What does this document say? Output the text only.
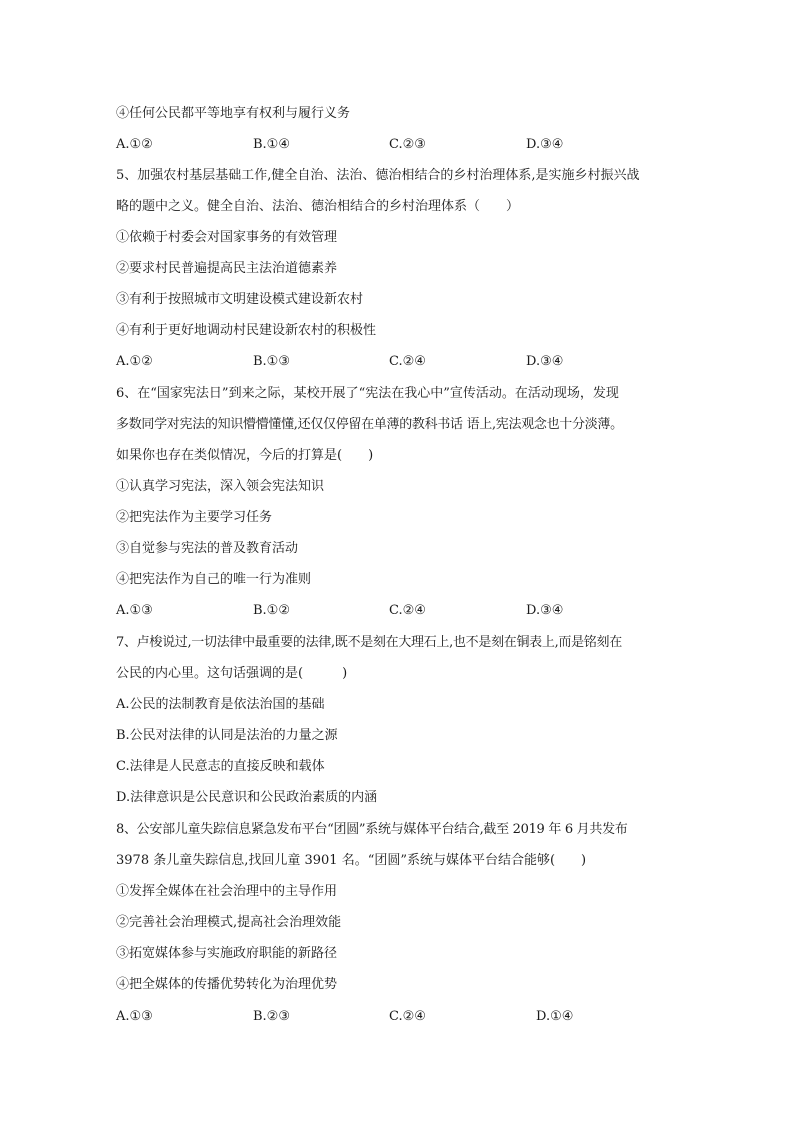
④任何公民都平等地享有权利与履行义务
A.①②	B.①④	C.②③	D.③④
5、加强农村基层基础工作,健全自治、法治、德治相结合的乡村治理体系,是实施乡村振兴战
略的题中之义。健全自治、法治、德治相结合的乡村治理体系（　　）
①依赖于村委会对国家事务的有效管理
②要求村民普遍提高民主法治道德素养
③有利于按照城市文明建设模式建设新农村
④有利于更好地调动村民建设新农村的积极性
A.①②	B.①③	C.②④	D.③④
6、在“国家宪法日”到来之际，某校开展了“宪法在我心中”宣传活动。在活动现场，发现
多数同学对宪法的知识懵懵懂懂,还仅仅停留在单薄的教科书话 语上,宪法观念也十分淡薄。
如果你也存在类似情况，今后的打算是(　　)
①认真学习宪法，深入领会宪法知识
②把宪法作为主要学习任务
③自觉参与宪法的普及教育活动
④把宪法作为自己的唯一行为准则
A.①③	B.①②	C.②④	D.③④
7、卢梭说过,一切法律中最重要的法律,既不是刻在大理石上,也不是刻在铜表上,而是铭刻在
公民的内心里。这句话强调的是(　　　)
A.公民的法制教育是依法治国的基础
B.公民对法律的认同是法治的力量之源
C.法律是人民意志的直接反映和载体
D.法律意识是公民意识和公民政治素质的内涵
8、公安部儿童失踪信息紧急发布平台“团圆”系统与媒体平台结合,截至 2019 年 6 月共发布
3978 条儿童失踪信息,找回儿童 3901 名。“团圆”系统与媒体平台结合能够(　　)
①发挥全媒体在社会治理中的主导作用
②完善社会治理模式,提高社会治理效能
③拓宽媒体参与实施政府职能的新路径
④把全媒体的传播优势转化为治理优势
A.①③	B.②③	C.②④	D.①④
